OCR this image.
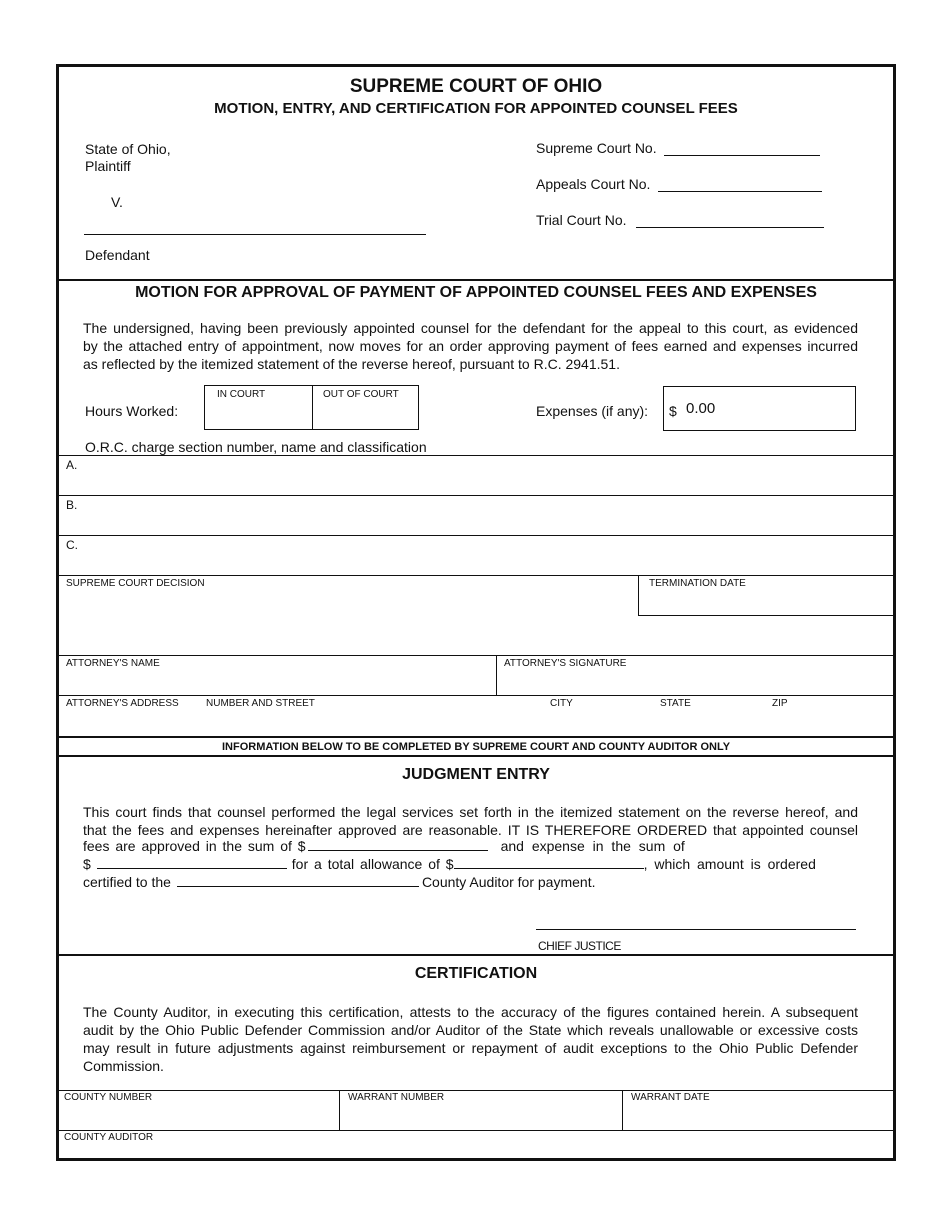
SUPREME COURT OF OHIO
MOTION, ENTRY, AND CERTIFICATION FOR APPOINTED COUNSEL FEES
State of Ohio,
Plaintiff
V.
Defendant
Supreme Court No.
Appeals Court No.
Trial Court No.
MOTION FOR APPROVAL OF PAYMENT OF APPOINTED COUNSEL FEES AND EXPENSES
The undersigned, having been previously appointed counsel for the defendant for the appeal to this court, as evidenced
by the attached entry of appointment, now moves for an order approving payment of fees earned and expenses incurred
as reflected by the itemized statement of the reverse hereof, pursuant to R.C. 2941.51.
Hours Worked:
IN COURT	OUT OF COURT
Expenses (if any): $ 0.00
O.R.C. charge section number, name and classification
A.
B.
C.
SUPREME COURT DECISION	TERMINATION DATE
ATTORNEY'S NAME	ATTORNEY'S SIGNATURE
ATTORNEY'S ADDRESS	NUMBER AND STREET	CITY	STATE	ZIP
INFORMATION BELOW TO BE COMPLETED BY SUPREME COURT AND COUNTY AUDITOR ONLY
JUDGMENT ENTRY
This court finds that counsel performed the legal services set forth in the itemized statement on the reverse hereof, and
that the fees and expenses hereinafter approved are reasonable. IT IS THEREFORE ORDERED that appointed counsel
fees are approved in the sum of $	and expense in the sum of
$	for a total allowance of $	, which amount is ordered
certified to the	County Auditor for payment.
CHIEF JUSTICE
CERTIFICATION
The County Auditor, in executing this certification, attests to the accuracy of the figures contained herein. A subsequent
audit by the Ohio Public Defender Commission and/or Auditor of the State which reveals unallowable or excessive costs
may result in future adjustments against reimbursement or repayment of audit exceptions to the Ohio Public Defender
Commission.
COUNTY NUMBER	WARRANT NUMBER	WARRANT DATE
COUNTY AUDITOR
